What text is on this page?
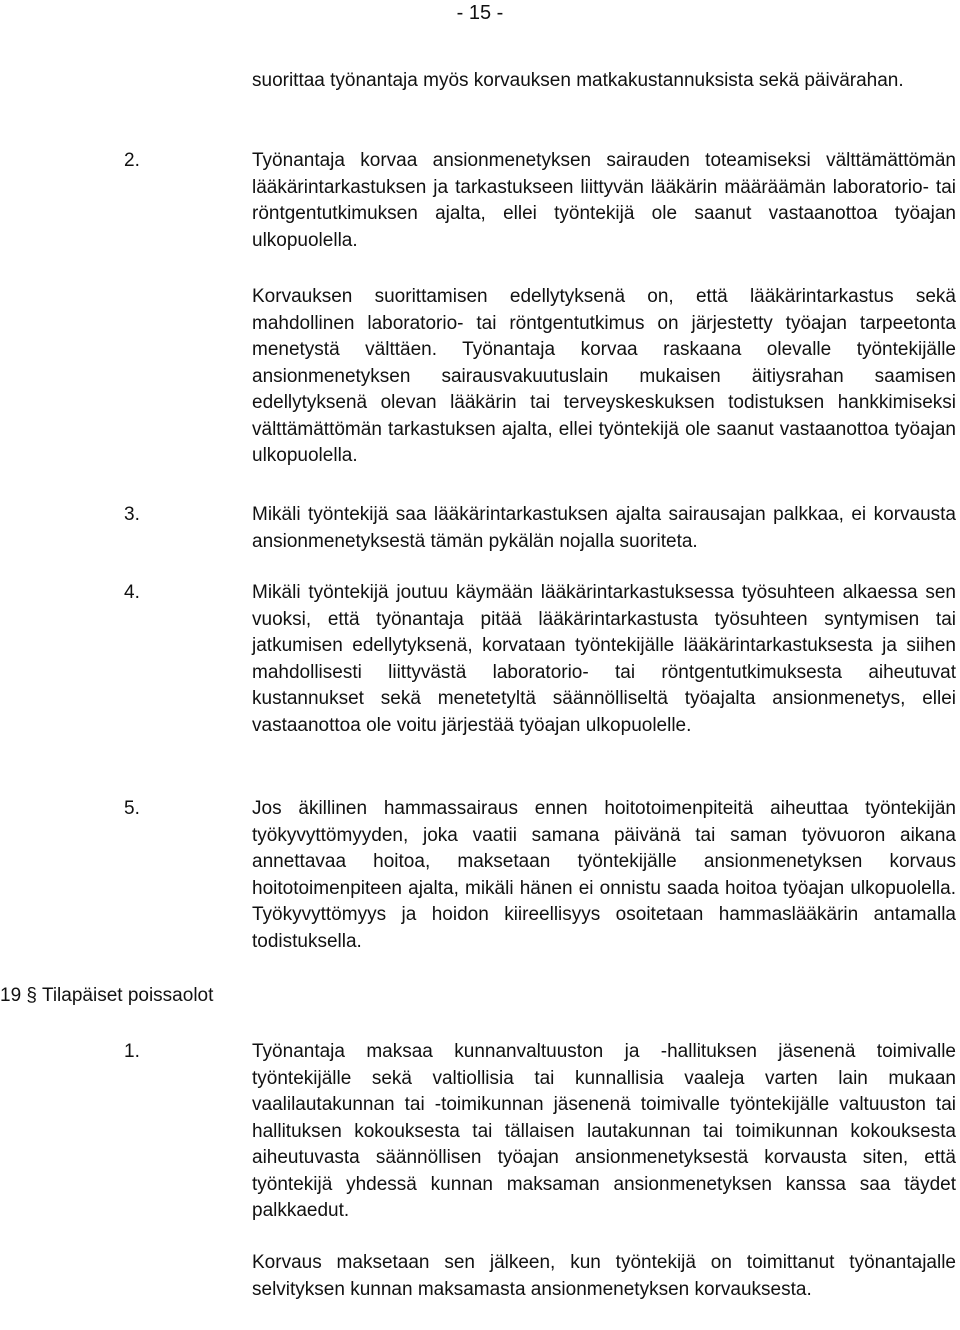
- 15 -
suorittaa työnantaja myös korvauksen matkakustannuksista sekä päivärahan.
2.	Työnantaja korvaa ansionmenetyksen sairauden toteamiseksi välttämättömän lääkärintarkastuksen ja tarkastukseen liittyvän lääkärin määräämän laboratorio- tai röntgentutkimuksen ajalta, ellei työntekijä ole saanut vastaanottoa työajan ulkopuolella.
Korvauksen suorittamisen edellytyksenä on, että lääkärintarkastus sekä mahdollinen laboratorio- tai röntgentutkimus on järjestetty työajan tarpeetonta menetystä välttäen. Työnantaja korvaa raskaana olevalle työntekijälle ansionmenetyksen sairausvakuutuslain mukaisen äitiysrahan saamisen edellytyksenä olevan lääkärin tai terveyskeskuksen todistuksen hankkimiseksi välttämättömän tarkastuksen ajalta, ellei työntekijä ole saanut vastaanottoa työajan ulkopuolella.
3.	Mikäli työntekijä saa lääkärintarkastuksen ajalta sairausajan palkkaa, ei korvausta ansionmenetyksestä tämän pykälän nojalla suoriteta.
4.	Mikäli työntekijä joutuu käymään lääkärintarkastuksessa työsuhteen alkaessa sen vuoksi, että työnantaja pitää lääkärintarkastusta työsuhteen syntymisen tai jatkumisen edellytyksenä, korvataan työntekijälle lääkärintarkastuksesta ja siihen mahdollisesti liittyvästä laboratorio- tai röntgentutkimuksesta aiheutuvat kustannukset sekä menetetyltä säännölliseltä työajalta ansionmenetys, ellei vastaanottoa ole voitu järjestää työajan ulkopuolelle.
5.	Jos äkillinen hammassairaus ennen hoitotoimenpiteitä aiheuttaa työntekijän työkyvyttömyyden, joka vaatii samana päivänä tai saman työvuoron aikana annettavaa hoitoa, maksetaan työntekijälle ansionmenetyksen korvaus hoitotoimenpiteen ajalta, mikäli hänen ei onnistu saada hoitoa työajan ulkopuolella. Työkyvyttömyys ja hoidon kiireellisyys osoitetaan hammaslääkärin antamalla todistuksella.
19 § Tilapäiset poissaolot
1.	Työnantaja maksaa kunnanvaltuuston ja -hallituksen jäsenenä toimivalle työntekijälle sekä valtiollisia tai kunnallisia vaaleja varten lain mukaan vaalilautakunnan tai -toimikunnan jäsenenä toimivalle työntekijälle valtuuston tai hallituksen kokouksesta tai tällaisen lautakunnan tai toimikunnan kokouksesta aiheutuvasta säännöllisen työajan ansionmenetyksestä korvausta siten, että työntekijä yhdessä kunnan maksaman ansionmenetyksen kanssa saa täydet palkkaedut.
Korvaus maksetaan sen jälkeen, kun työntekijä on toimittanut työnantajalle selvityksen kunnan maksamasta ansionmenetyksen korvauksesta.
